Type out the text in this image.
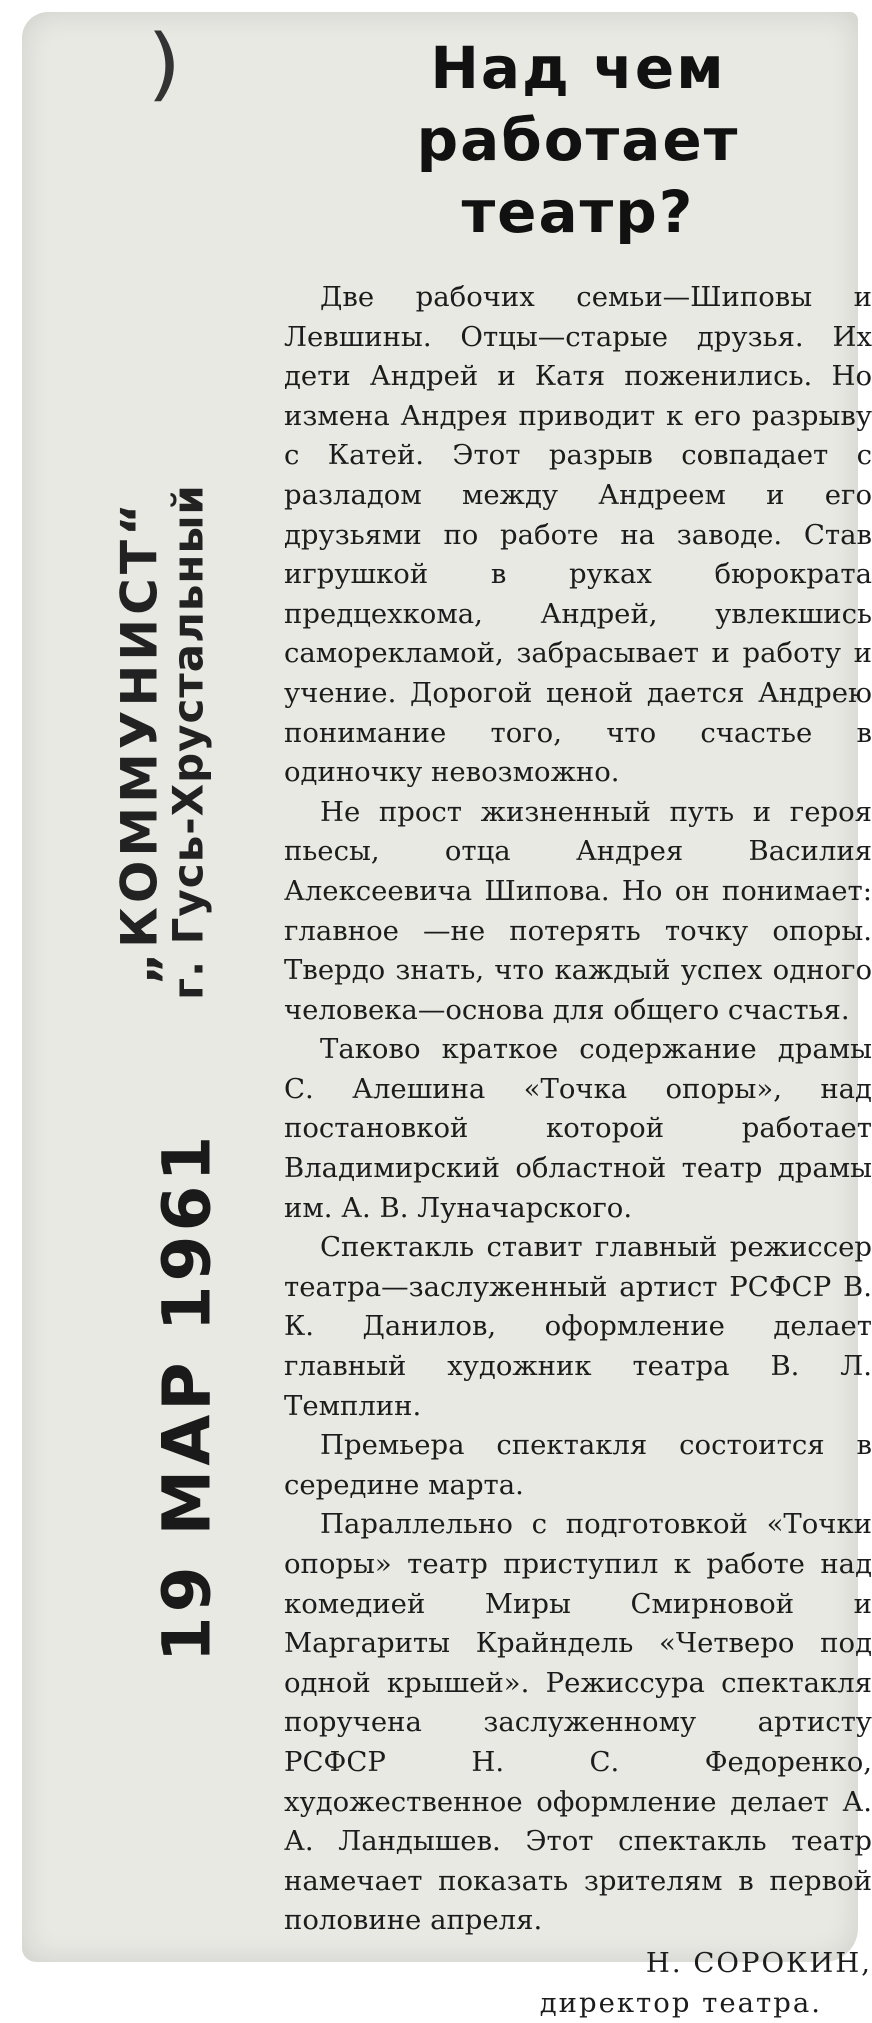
)
„КОММУНИСТ“
г. Гусь-Хрустальный
19 МАР 1961
Над чем работает
театр?

Две рабочих семьи—Шиповы и Левшины. Отцы—старые друзья. Их дети Андрей и Катя поженились. Но измена Андрея приводит к его разрыву с Катей. Этот разрыв совпадает с разладом между Андреем и его друзьями по работе на заводе. Став игрушкой в руках бюрократа предцехкома, Андрей, увлекшись саморекламой, забрасывает и работу и учение. Дорогой ценой дается Андрею понимание того, что счастье в одиночку невозможно.

Не прост жизненный путь и героя пьесы, отца Андрея Василия Алексеевича Шипова. Но он понимает: главное —не потерять точку опоры. Твердо знать, что каждый успех одного человека—основа для общего счастья.

Таково краткое содержание драмы С. Алешина «Точка опоры», над постановкой которой работает Владимирский областной театр драмы им. А. В. Луначарского.

Спектакль ставит главный режиссер театра—заслуженный артист РСФСР В. К. Данилов, оформление делает главный художник театра В. Л. Темплин.

Премьера спектакля состоится в середине марта.

Параллельно с подготовкой «Точки опоры» театр приступил к работе над комедией Миры Смирновой и Маргариты Крайндель «Четверо под одной крышей». Режиссура спектакля поручена заслуженному артисту РСФСР Н. С. Федоренко, художественное оформление делает А. А. Ландышев. Этот спектакль театр намечает показать зрителям в первой половине апреля.

Н. СОРОКИН,
директор театра.
